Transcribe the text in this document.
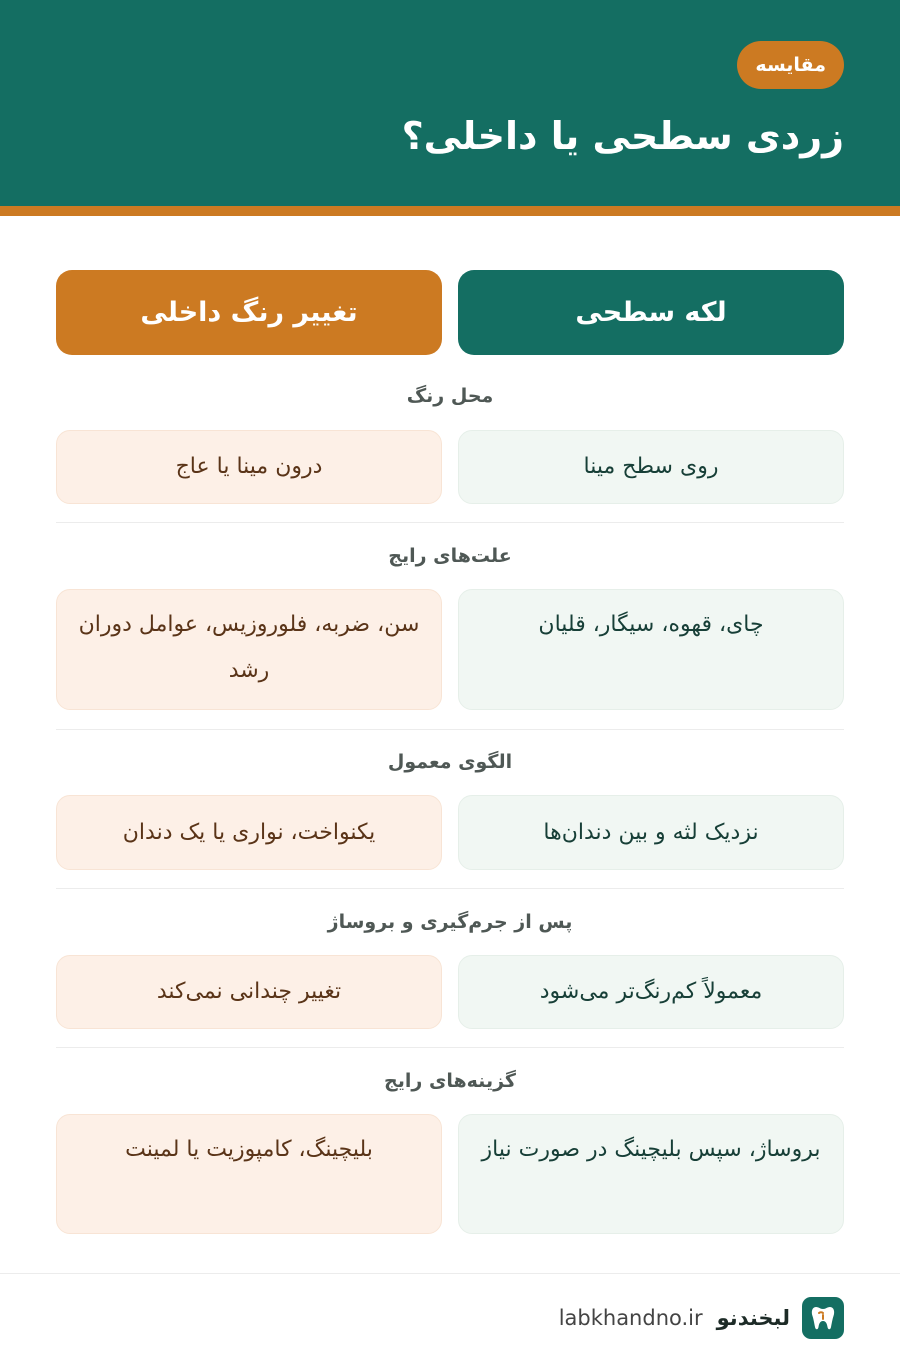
مقایسه
زردی سطحی یا داخلی؟
لکه سطحی
تغییر رنگ داخلی
محل رنگ
روی سطح مینا
درون مینا یا عاج
علت‌های رایج
چای، قهوه، سیگار، قلیان
سن، ضربه، فلوروزیس، عوامل دوران رشد
الگوی معمول
نزدیک لثه و بین دندان‌ها
یکنواخت، نواری یا یک دندان
پس از جرم‌گیری و بروساژ
معمولاً کم‌رنگ‌تر می‌شود
تغییر چندانی نمی‌کند
گزینه‌های رایج
بروساژ، سپس بلیچینگ در صورت نیاز
بلیچینگ، کامپوزیت یا لمینت
لبخندنو
labkhandno.ir
